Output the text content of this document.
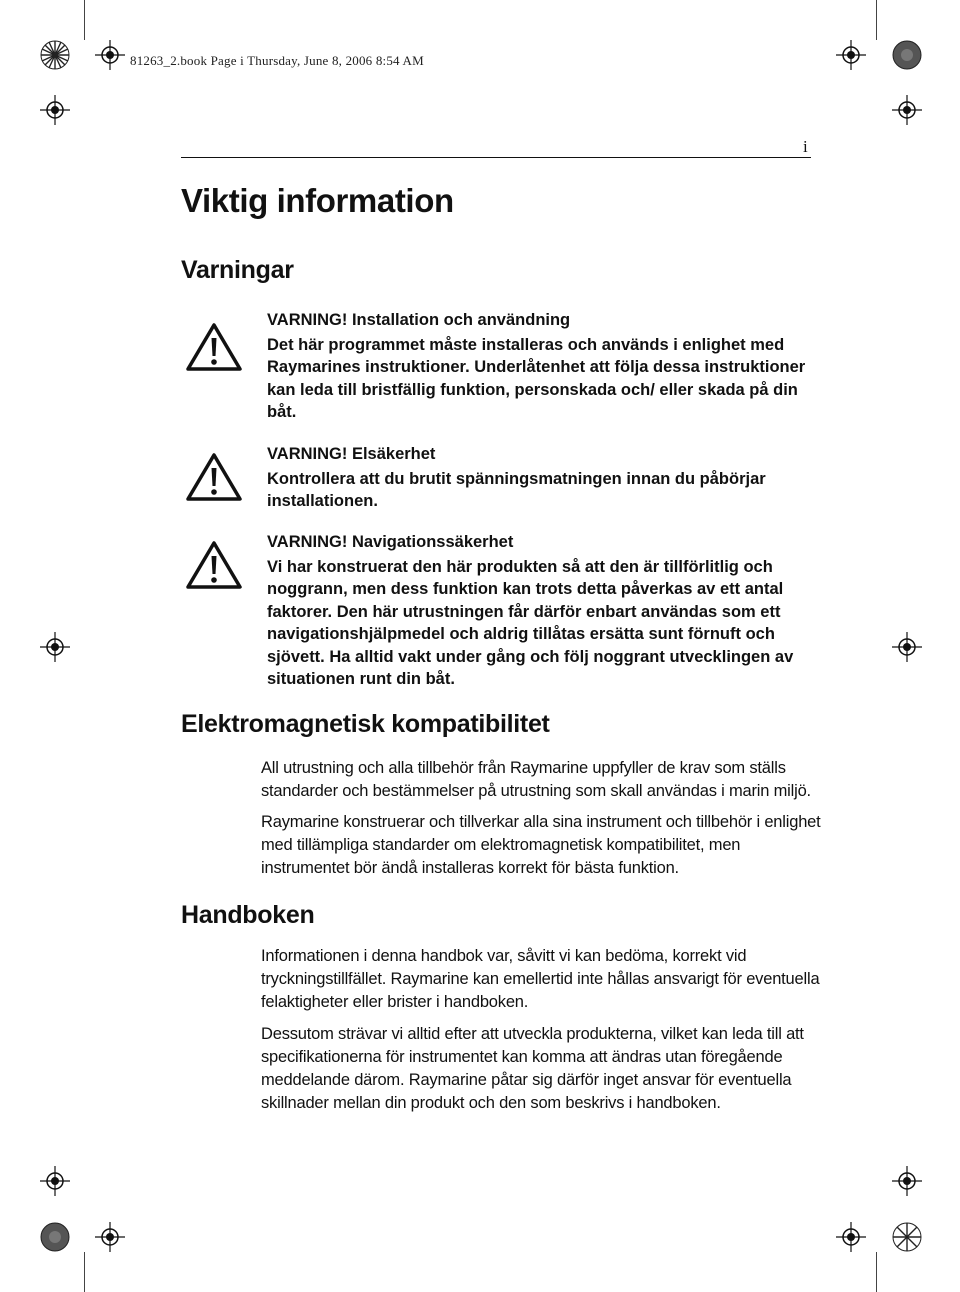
81263_2.book Page i Thursday, June 8, 2006 8:54 AM
i
Viktig information
Varningar
VARNING! Installation och användning
Det här programmet måste installeras och används i enlighet med Raymarines instruktioner. Underlåtenhet att följa dessa instruktioner kan leda till bristfällig funktion, personskada och/ eller skada på din båt.
VARNING! Elsäkerhet
Kontrollera att du brutit spänningsmatningen innan du påbörjar installationen.
VARNING! Navigationssäkerhet
Vi har konstruerat den här produkten så att den är tillförlitlig och noggrann, men dess funktion kan trots detta påverkas av ett antal faktorer. Den här utrustningen får därför enbart användas som ett navigationshjälpmedel och aldrig tillåtas ersätta sunt förnuft och sjövett. Ha alltid vakt under gång och följ noggrant utvecklingen av situationen runt din båt.
Elektromagnetisk kompatibilitet
All utrustning och alla tillbehör från Raymarine uppfyller de krav som ställs standarder och bestämmelser på utrustning som skall användas i marin miljö.
Raymarine konstruerar och tillverkar alla sina instrument och tillbehör i enlighet med tillämpliga standarder om elektromagnetisk kompatibilitet, men instrumentet bör ändå installeras korrekt för bästa funktion.
Handboken
Informationen i denna handbok var, såvitt vi kan bedöma, korrekt vid tryckningstillfället. Raymarine kan emellertid inte hållas ansvarigt för eventuella felaktigheter eller brister i handboken.
Dessutom strävar vi alltid efter att utveckla produkterna, vilket kan leda till att specifikationerna för instrumentet kan komma att ändras utan föregående meddelande därom. Raymarine påtar sig därför inget ansvar för eventuella skillnader mellan din produkt och den som beskrivs i handboken.
